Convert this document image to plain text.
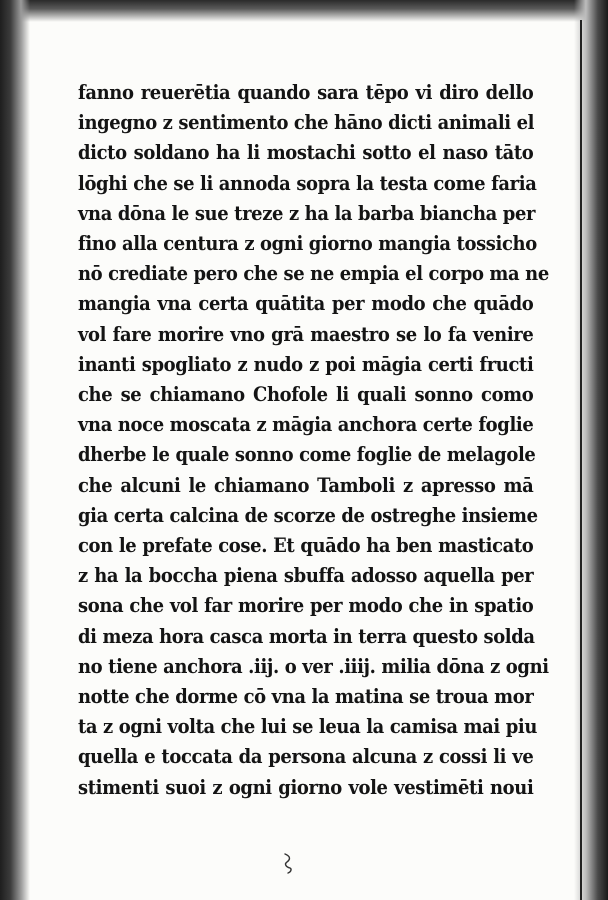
fanno reuerētia quando sara tēpo vi diro dello
ingegno z sentimento che hāno dicti animali el
dicto soldano ha li mostachi sotto el naso tāto
lōghi che se li annoda sopra la testa come faria
vna dōna le sue treze z ha la barba biancha per
fino alla centura z ogni giorno mangia tossicho
nō crediate pero che se ne empia el corpo ma ne
mangia vna certa quātita per modo che quādo
vol fare morire vno grā maestro se lo fa venire
inanti spogliato z nudo z poi māgia certi fructi
che se chiamano Chofole li quali sonno como
vna noce moscata z māgia anchora certe foglie
dherbe le quale sonno come foglie de melagole
che alcuni le chiamano Tamboli z apresso mā
gia certa calcina de scorze de ostreghe insieme
con le prefate cose. Et quādo ha ben masticato
z ha la boccha piena sbuffa adosso aquella per
sona che vol far morire per modo che in spatio
di meza hora casca morta in terra questo solda
no tiene anchora .iij. o ver .iiij. milia dōna z ogni
notte che dorme cō vna la matina se troua mor
ta z ogni volta che lui se leua la camisa mai piu
quella e toccata da persona alcuna z cossi li ve
stimenti suoi z ogni giorno vole vestimēti noui
